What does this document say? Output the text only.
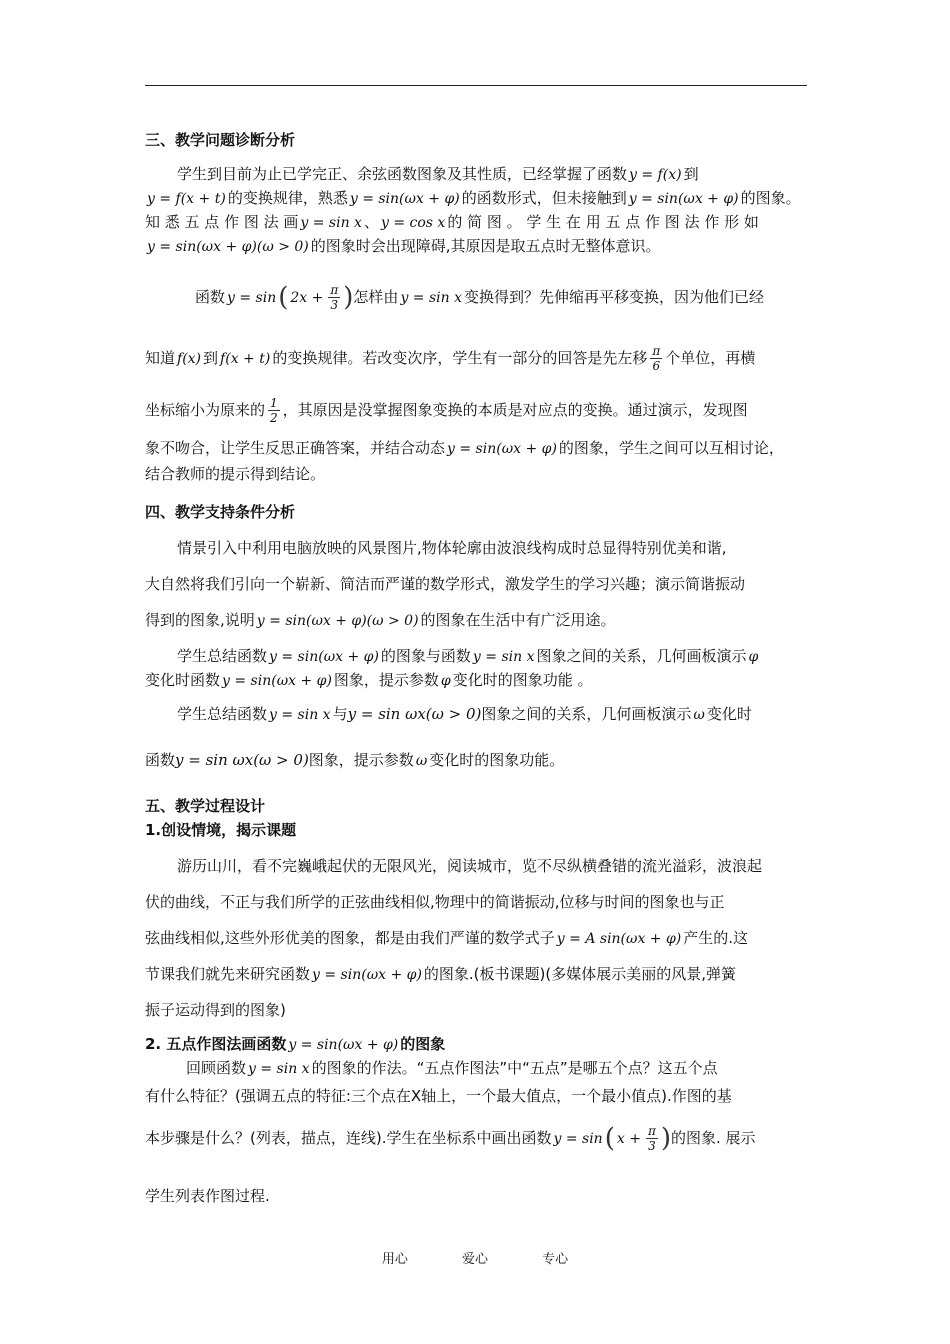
三、教学问题诊断分析
学生到目前为止已学完正、余弦函数图象及其性质，已经掌握了函数 y = f(x) 到
y = f(x + t) 的变换规律，熟悉 y = sin(ωx + φ) 的函数形式，但未接触到 y = sin(ωx + φ) 的图象。
知 悉 五 点 作 图 法 画 y = sin x 、 y = cos x 的 简 图 。 学 生 在 用 五 点 作 图 法 作 形 如
y = sin(ωx + φ)(ω > 0) 的图象时会出现障碍,其原因是取五点时无整体意识。
函数 y = sin( $2x + \frac{\pi}{3}$ )怎样由 y = sin x 变换得到？先伸缩再平移变换，因为他们已经
知道 f(x) 到 f(x + t) 的变换规律。若改变次序，学生有一部分的回答是先左移 $\frac{\pi}{6}$ 个单位，再横
坐标缩小为原来的 $\frac{1}{2}$ ，其原因是没掌握图象变换的本质是对应点的变换。通过演示，发现图
象不吻合，让学生反思正确答案，并结合动态 y = sin(ωx + φ) 的图象，学生之间可以互相讨论，
结合教师的提示得到结论。
四、教学支持条件分析
情景引入中利用电脑放映的风景图片,物体轮廓由波浪线构成时总显得特别优美和谐,
大自然将我们引向一个崭新、简洁而严谨的数学形式，激发学生的学习兴趣；演示简谐振动
得到的图象,说明 y = sin(ωx + φ)(ω > 0) 的图象在生活中有广泛用途。
学生总结函数 y = sin(ωx + φ) 的图象与函数 y = sin x 图象之间的关系，几何画板演示 φ
变化时函数 y = sin(ωx + φ) 图象，提示参数 φ 变化时的图象功能 。
学生总结函数 y = sin x 与y = sin ωx(ω > 0)图象之间的关系，几何画板演示 ω 变化时
函数y = sin ωx(ω > 0)图象，提示参数 ω 变化时的图象功能。
五、教学过程设计
1.创设情境，揭示课题
游历山川，看不完巍峨起伏的无限风光，阅读城市，览不尽纵横叠错的流光溢彩，波浪起
伏的曲线，不正与我们所学的正弦曲线相似,物理中的简谐振动,位移与时间的图象也与正
弦曲线相似,这些外形优美的图象，都是由我们严谨的数学式子 y = A sin(ωx + φ) 产生的.这
节课我们就先来研究函数 y = sin(ωx + φ) 的图象.(板书课题)(多媒体展示美丽的风景,弹簧
振子运动得到的图象)
2. 五点作图法画函数 y = sin(ωx + φ) 的图象
回顾函数 y = sin x 的图象的作法。“五点作图法”中“五点”是哪五个点？这五个点
有什么特征？(强调五点的特征:三个点在X轴上，一个最大值点，一个最小值点).作图的基
本步骤是什么？(列表，描点，连线).学生在坐标系中画出函数 y = sin( $x + \frac{\pi}{3}$ )的图象. 展示
学生列表作图过程.
用心	爱心	专心
